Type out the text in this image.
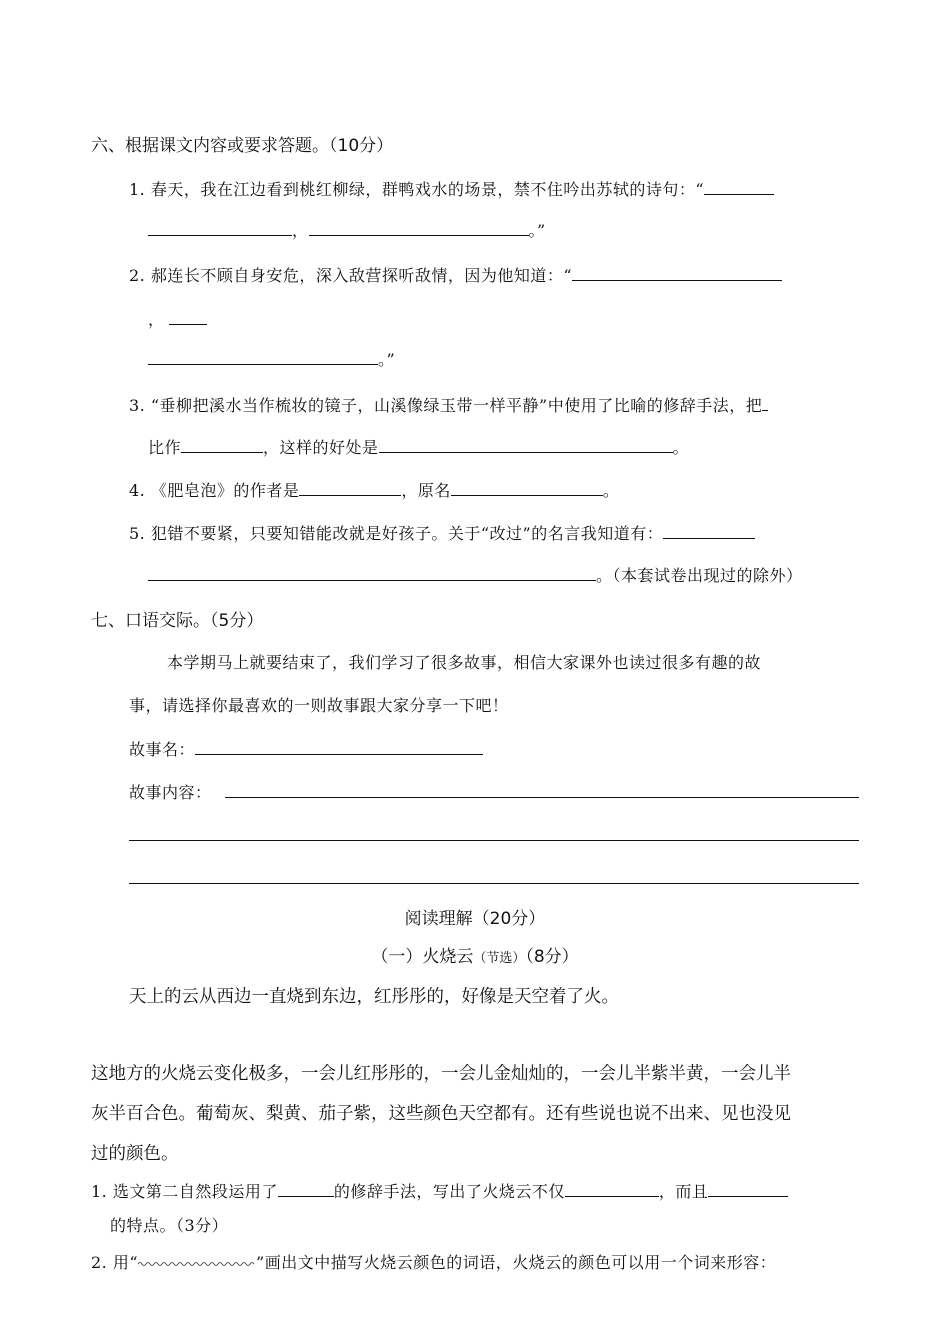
六、根据课文内容或要求答题。（10分）
1. 春天，我在江边看到桃红柳绿，群鸭戏水的场景，禁不住吟出苏轼的诗句：“
，	。”
2. 郝连长不顾自身安危，深入敌营探听敌情，因为他知道：“
，
。”
3. “垂柳把溪水当作梳妆的镜子，山溪像绿玉带一样平静”中使用了比喻的修辞手法，把
比作	，这样的好处是	。
4. 《肥皂泡》的作者是	，原名	。
5. 犯错不要紧，只要知错能改就是好孩子。关于“改过”的名言我知道有：
。（本套试卷出现过的除外）
七、口语交际。（5分）
本学期马上就要结束了，我们学习了很多故事，相信大家课外也读过很多有趣的故
事，请选择你最喜欢的一则故事跟大家分享一下吧！
故事名：
故事内容：
阅读理解（20分）
（一）火烧云（节选）（8分）
天上的云从西边一直烧到东边，红彤彤的，好像是天空着了火。
这地方的火烧云变化极多，一会儿红彤彤的，一会儿金灿灿的，一会儿半紫半黄，一会儿半
灰半百合色。葡萄灰、梨黄、茄子紫，这些颜色天空都有。还有些说也说不出来、见也没见
过的颜色。
1. 选文第二自然段运用了	的修辞手法，写出了火烧云不仅	，而且
的特点。（3分）
2. 用“	”画出文中描写火烧云颜色的词语，火烧云的颜色可以用一个词来形容：
